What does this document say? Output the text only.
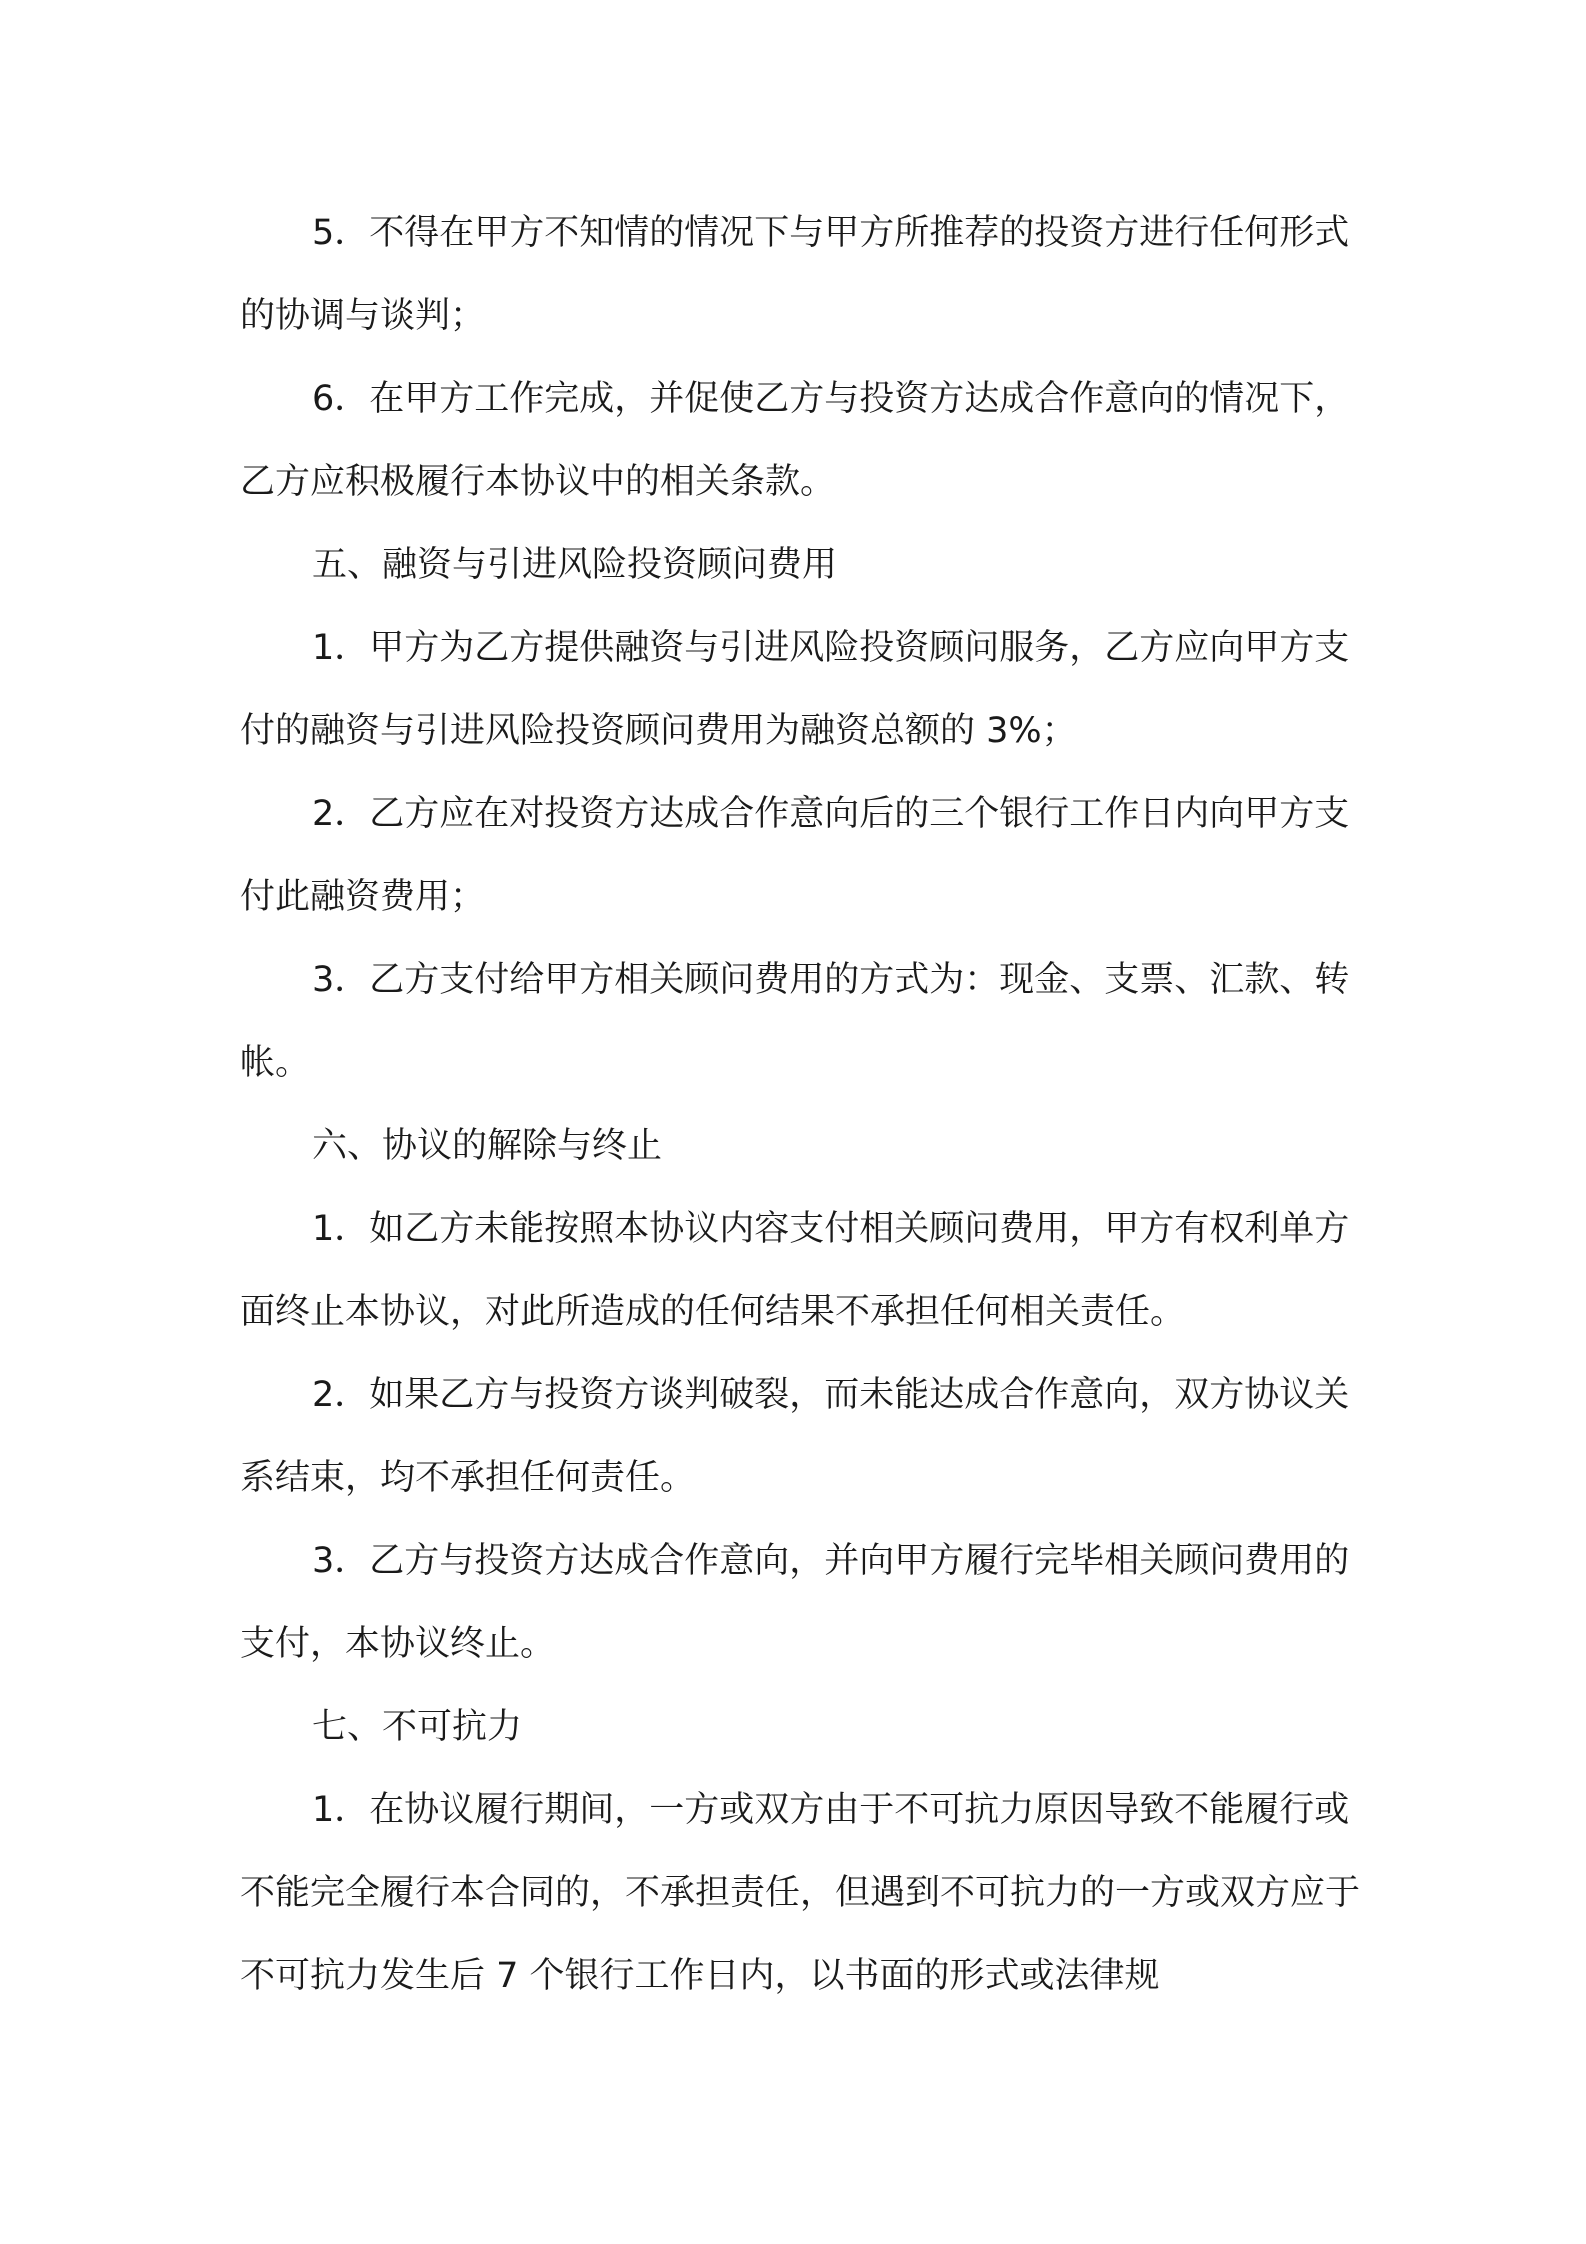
5．不得在甲方不知情的情况下与甲方所推荐的投资方进行任何形式的协调与谈判；

6．在甲方工作完成，并促使乙方与投资方达成合作意向的情况下，乙方应积极履行本协议中的相关条款。

五、融资与引进风险投资顾问费用

1．甲方为乙方提供融资与引进风险投资顾问服务，乙方应向甲方支付的融资与引进风险投资顾问费用为融资总额的 3%；

2．乙方应在对投资方达成合作意向后的三个银行工作日内向甲方支付此融资费用；

3．乙方支付给甲方相关顾问费用的方式为：现金、支票、汇款、转帐。

六、协议的解除与终止

1．如乙方未能按照本协议内容支付相关顾问费用，甲方有权利单方面终止本协议，对此所造成的任何结果不承担任何相关责任。

2．如果乙方与投资方谈判破裂，而未能达成合作意向，双方协议关系结束，均不承担任何责任。

3．乙方与投资方达成合作意向，并向甲方履行完毕相关顾问费用的支付，本协议终止。

七、不可抗力

1．在协议履行期间，一方或双方由于不可抗力原因导致不能履行或不能完全履行本合同的，不承担责任，但遇到不可抗力的一方或双方应于不可抗力发生后 7 个银行工作日内，以书面的形式或法律规
